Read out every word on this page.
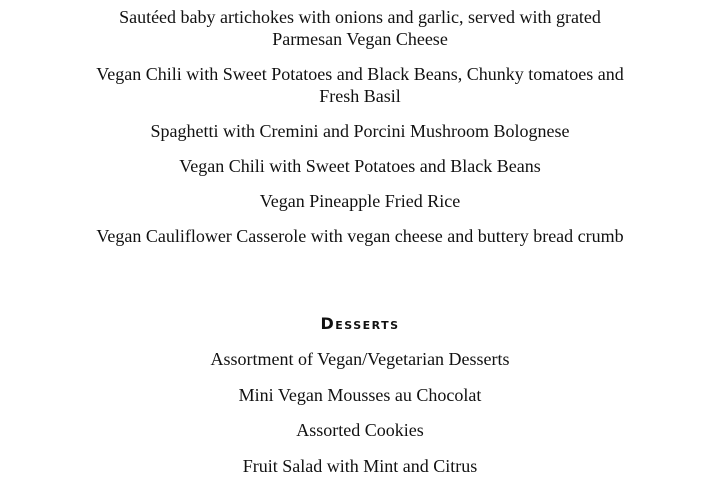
Sautéed baby artichokes with onions and garlic, served with grated Parmesan Vegan Cheese
Vegan Chili with Sweet Potatoes and Black Beans, Chunky tomatoes and Fresh Basil
Spaghetti with Cremini and Porcini Mushroom Bolognese
Vegan Chili with Sweet Potatoes and Black Beans
Vegan Pineapple Fried Rice
Vegan Cauliflower Casserole with vegan cheese and buttery bread crumb
Desserts
Assortment of Vegan/Vegetarian Desserts
Mini Vegan Mousses au Chocolat
Assorted Cookies
Fruit Salad with Mint and Citrus
